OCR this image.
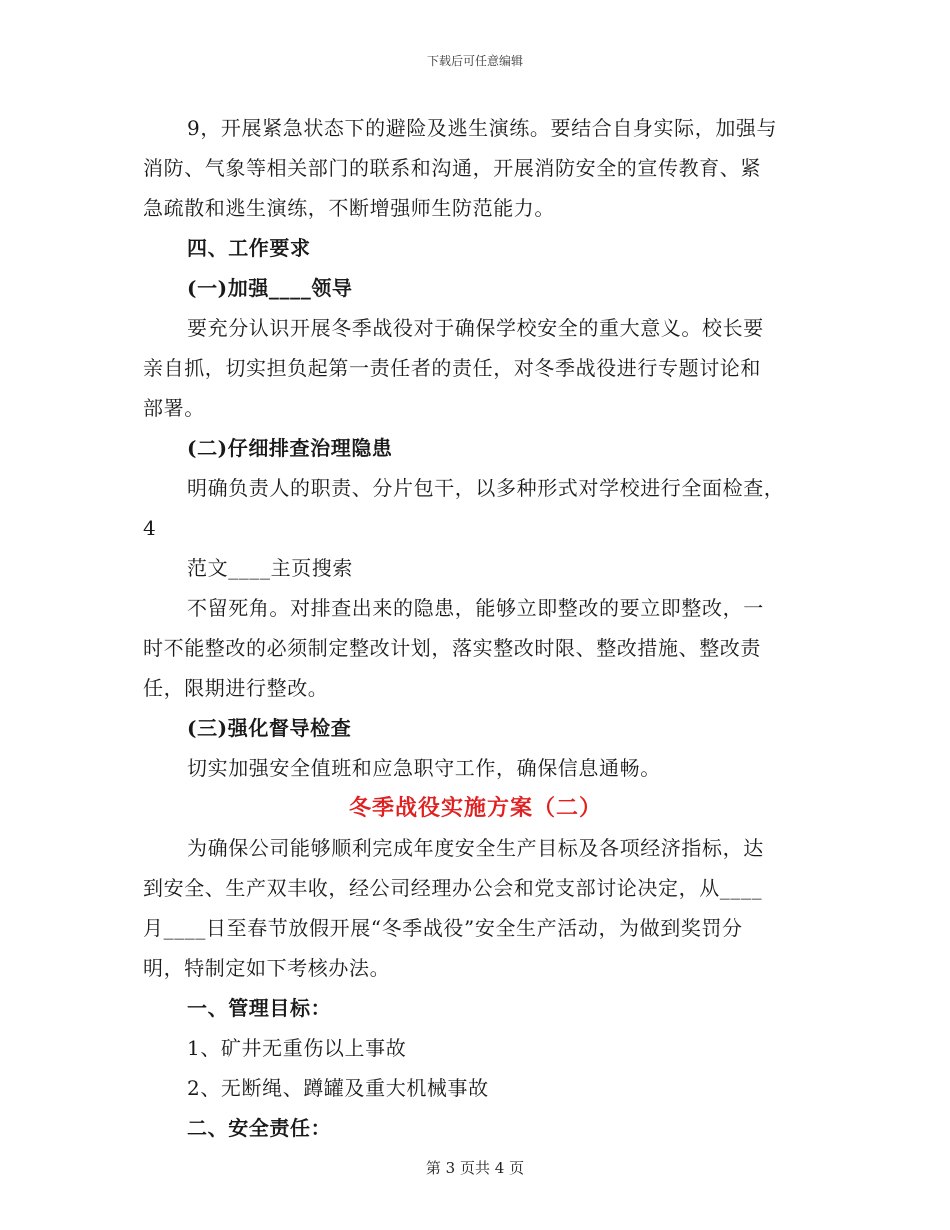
下载后可任意编辑
9，开展紧急状态下的避险及逃生演练。要结合自身实际，加强与
消防、气象等相关部门的联系和沟通，开展消防安全的宣传教育、紧
急疏散和逃生演练，不断增强师生防范能力。
四、工作要求
(一)加强____领导
要充分认识开展冬季战役对于确保学校安全的重大意义。校长要
亲自抓，切实担负起第一责任者的责任，对冬季战役进行专题讨论和
部署。
(二)仔细排查治理隐患
明确负责人的职责、分片包干，以多种形式对学校进行全面检查，
4
范文____主页搜索
不留死角。对排查出来的隐患，能够立即整改的要立即整改，一
时不能整改的必须制定整改计划，落实整改时限、整改措施、整改责
任，限期进行整改。
(三)强化督导检查
切实加强安全值班和应急职守工作，确保信息通畅。
冬季战役实施方案（二）
为确保公司能够顺利完成年度安全生产目标及各项经济指标，达
到安全、生产双丰收，经公司经理办公会和党支部讨论决定，从____
月____日至春节放假开展“冬季战役”安全生产活动，为做到奖罚分
明，特制定如下考核办法。
一、管理目标：
1、矿井无重伤以上事故
2、无断绳、蹲罐及重大机械事故
二、安全责任：
第 3 页共 4 页
